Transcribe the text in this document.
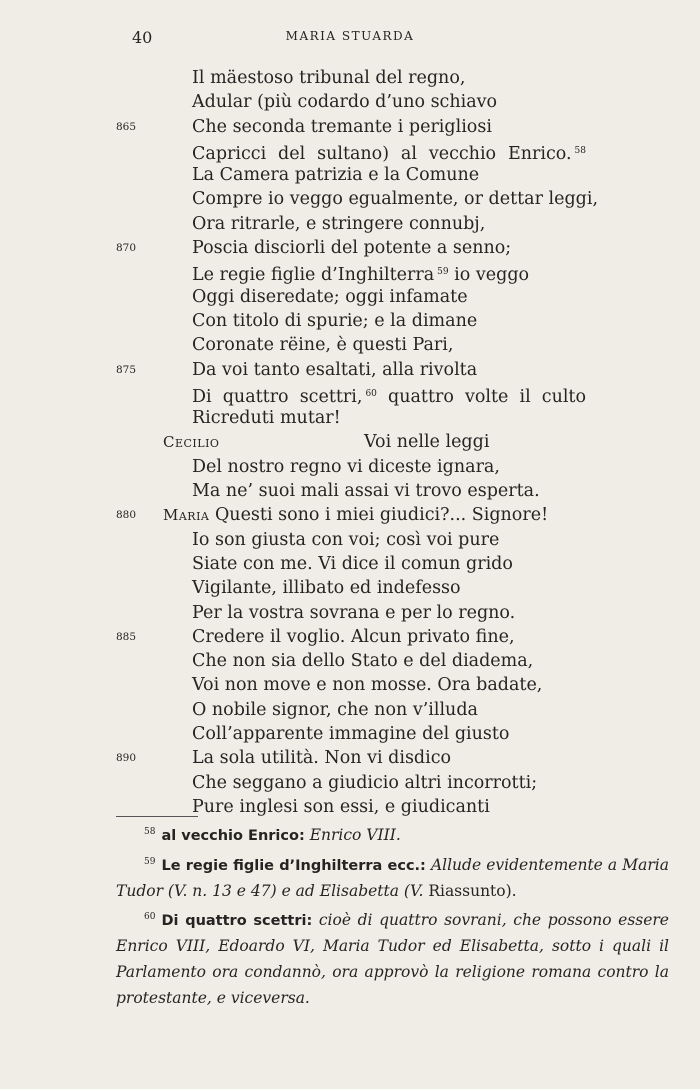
40	MARIA STUARDA
Il mäestoso tribunal del regno,
Adular (più codardo d’uno schiavo
865	Che seconda tremante i perigliosi
Capricci del sultano) al vecchio Enrico. $^{58}$
La Camera patrizia e la Comune
Compre io veggo egualmente, or dettar leggi,
Ora ritrarle, e stringere connubj,
870	Poscia disciorli del potente a senno;
Le regie figlie d’Inghilterra $^{59}$ io veggo
Oggi diseredate; oggi infamate
Con titolo di spurie; e la dimane
Coronate rëine, è questi Pari,
875	Da voi tanto esaltati, alla rivolta
Di quattro scettri, $^{60}$ quattro volte il culto
Ricreduti mutar!
Cecilio	Voi nelle leggi
Del nostro regno vi diceste ignara,
Ma ne’ suoi mali assai vi trovo esperta.
880 Maria Questi sono i miei giudici?... Signore!
Io son giusta con voi; così voi pure
Siate con me. Vi dice il comun grido
Vigilante, illibato ed indefesso
Per la vostra sovrana e per lo regno.
885	Credere il voglio. Alcun privato fine,
Che non sia dello Stato e del diadema,
Voi non move e non mosse. Ora badate,
O nobile signor, che non v’illuda
Coll’apparente immagine del giusto
890	La sola utilità. Non vi disdico
Che seggano a giudicio altri incorrotti;
Pure inglesi son essi, e giudicanti

$^{58}$ al vecchio Enrico: Enrico VIII.

$^{59}$ Le regie figlie d’Inghilterra ecc.: Allude evidentemente a Maria Tudor (V. n. 13 e 47) e ad Elisabetta (V. Riassunto).

$^{60}$ Di quattro scettri: cioè di quattro sovrani, che possono essere Enrico VIII, Edoardo VI, Maria Tudor ed Elisabetta, sotto i quali il Parlamento ora condannò, ora approvò la religione romana contro la protestante, e viceversa.
